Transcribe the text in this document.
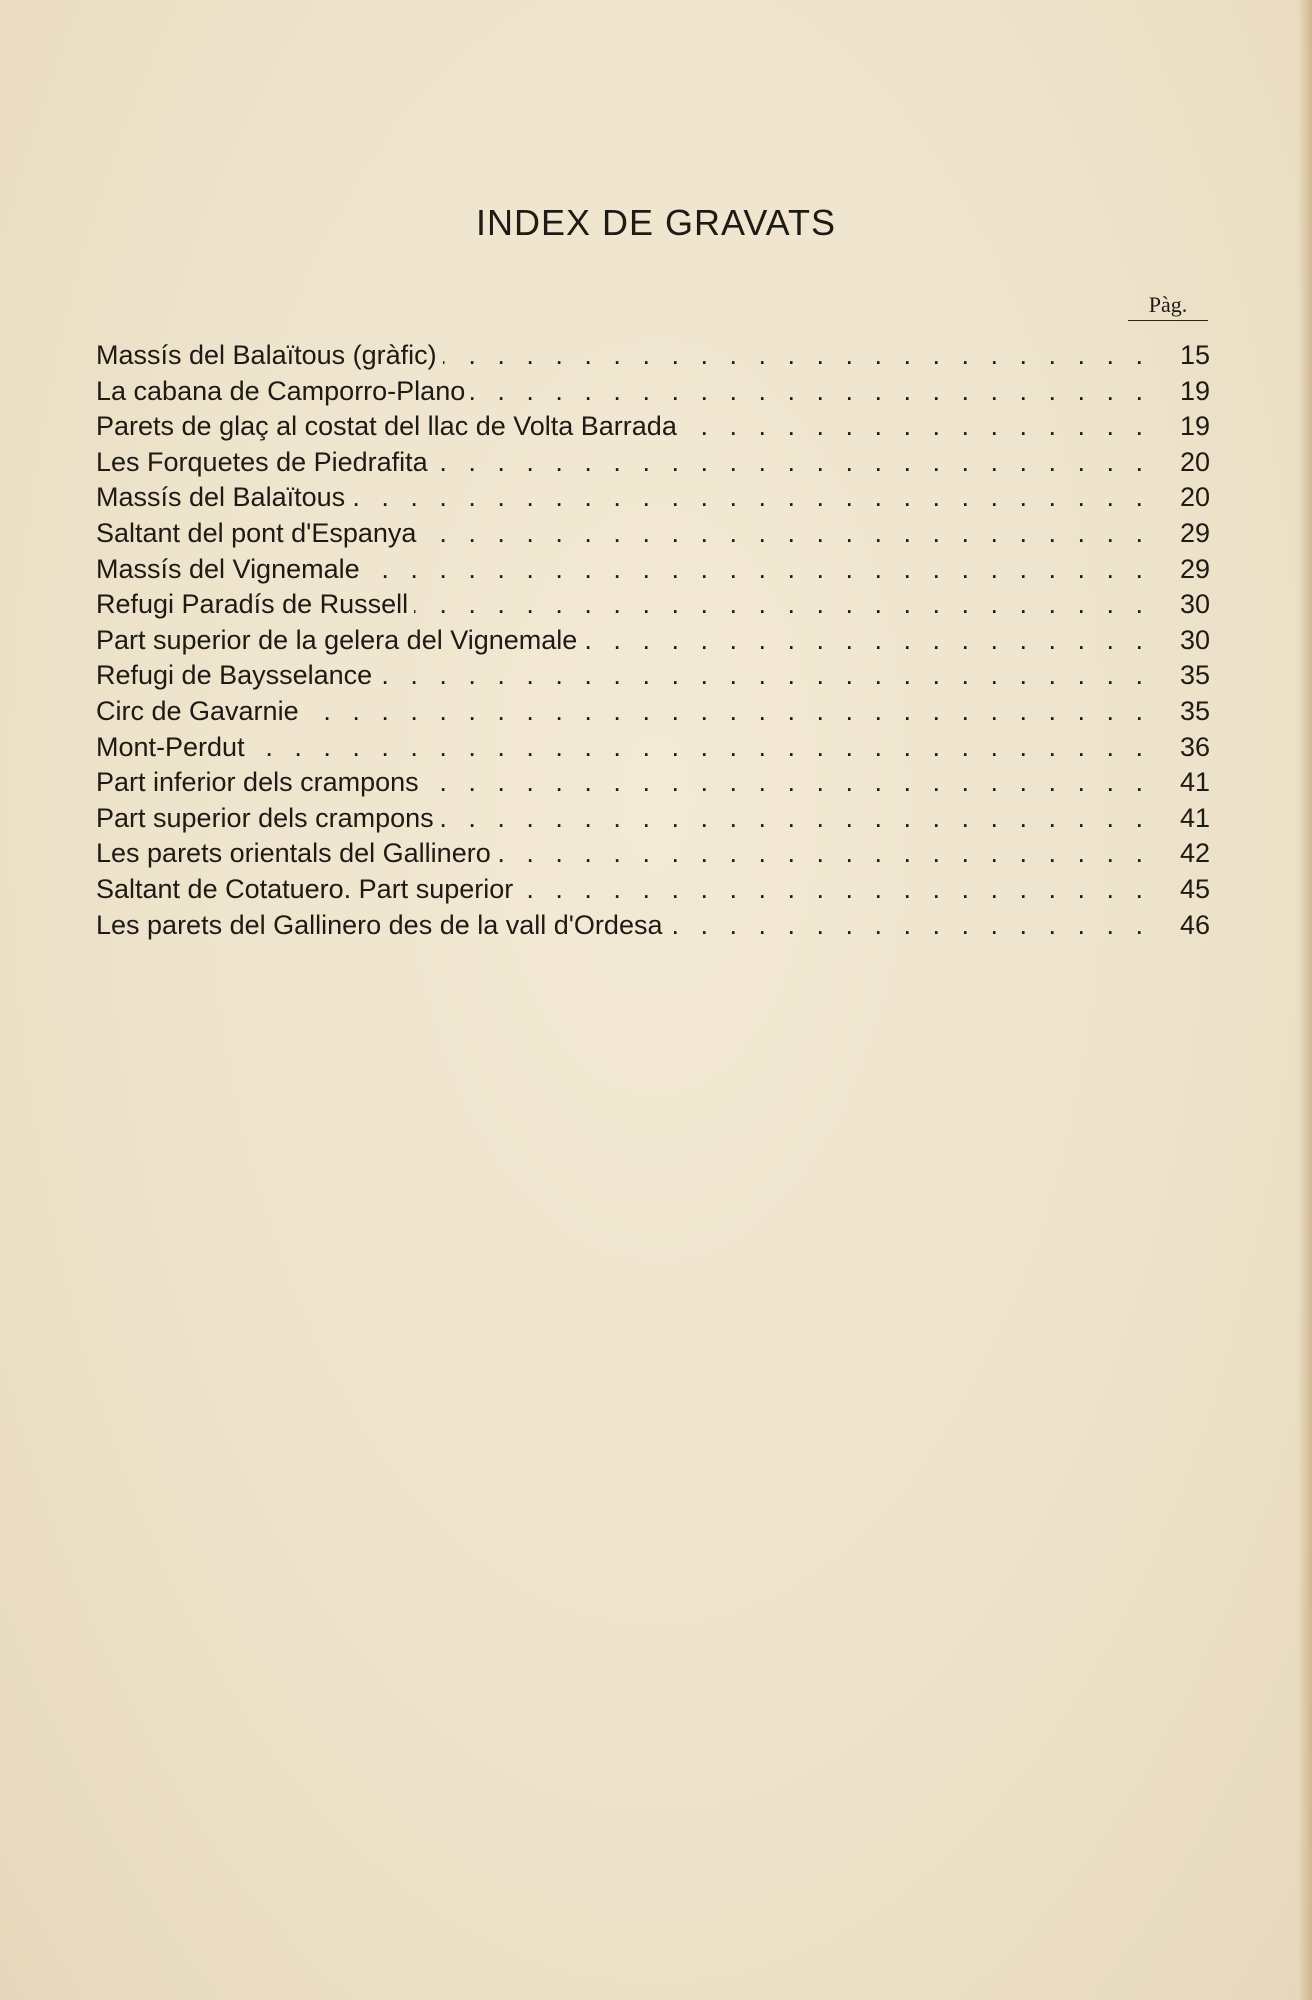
INDEX DE GRAVATS
Pàg.
Massís del Balaïtous (gràfic) . . .	15
La cabana de Camporro-Plano . . .	19
Parets de glaç al costat del llac de Volta Barrada . . .	19
Les Forquetes de Piedrafita . . .	20
Massís del Balaïtous . . .	20
Saltant del pont d'Espanya . . .	29
Massís del Vignemale . . .	29
Refugi Paradís de Russell . . .	30
Part superior de la gelera del Vignemale . . .	30
Refugi de Baysselance . . .	35
Circ de Gavarnie . . .	35
Mont-Perdut . . .	36
Part inferior dels crampons . . .	41
Part superior dels crampons . . .	41
Les parets orientals del Gallinero . . .	42
Saltant de Cotatuero. Part superior . . .	45
Les parets del Gallinero des de la vall d'Ordesa . . .	46
